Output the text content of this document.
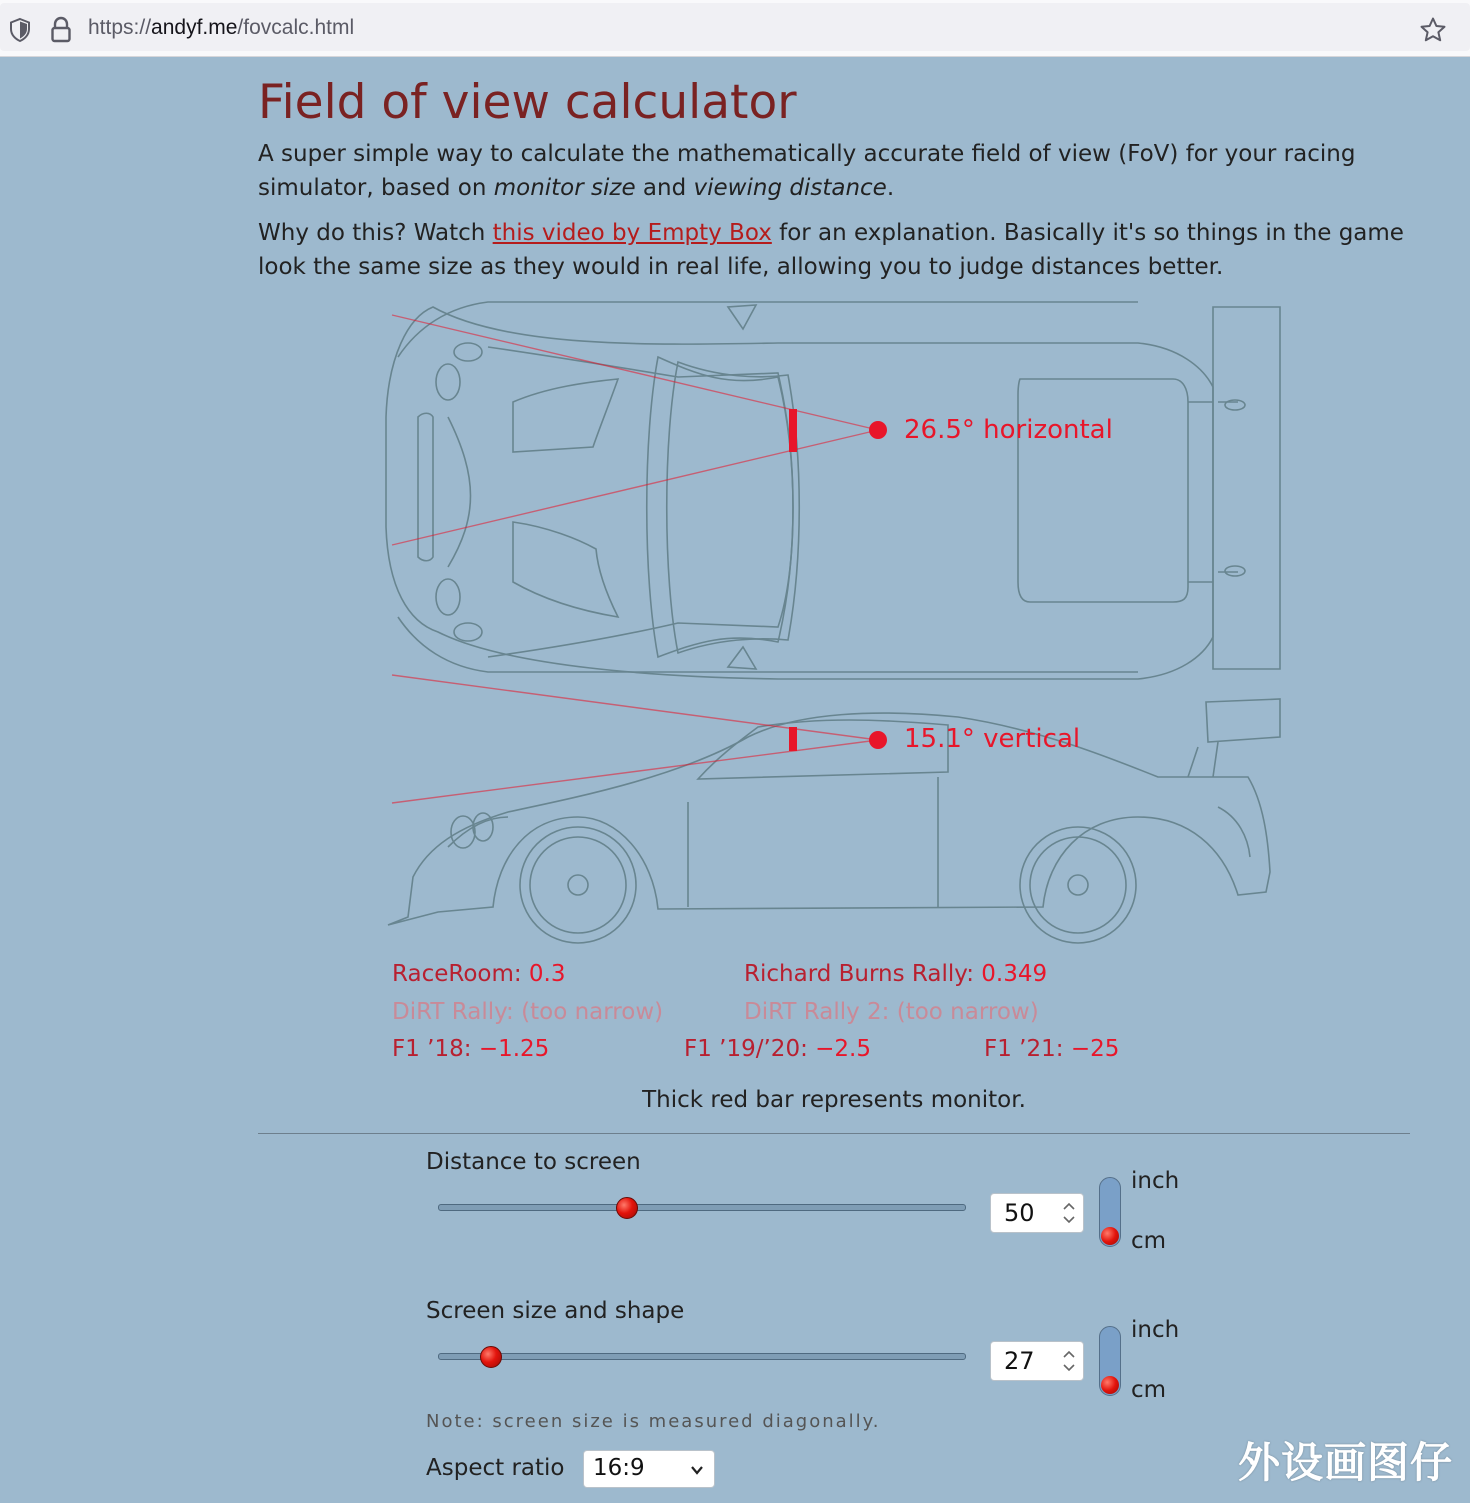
https://andyf.me/fovcalc.html
Field of view calculator

A super simple way to calculate the mathematically accurate field of view (FoV) for your racing simulator, based on monitor size and viewing distance.

Why do this? Watch this video by Empty Box for an explanation. Basically it's so things in the game look the same size as they would in real life, allowing you to judge distances better.

26.5° horizontal
15.1° vertical
RaceRoom: 0.3	Richard Burns Rally: 0.349
DiRT Rally: (too narrow)	DiRT Rally 2: (too narrow)
F1 ’18: −1.25	F1 ’19/’20: −2.5	F1 ’21: −25
Thick red bar represents monitor.
Distance to screen
50
inch
cm
Screen size and shape
27
inch
cm
Note: screen size is measured diagonally.
Aspect ratio 16:9	外设画图仔
